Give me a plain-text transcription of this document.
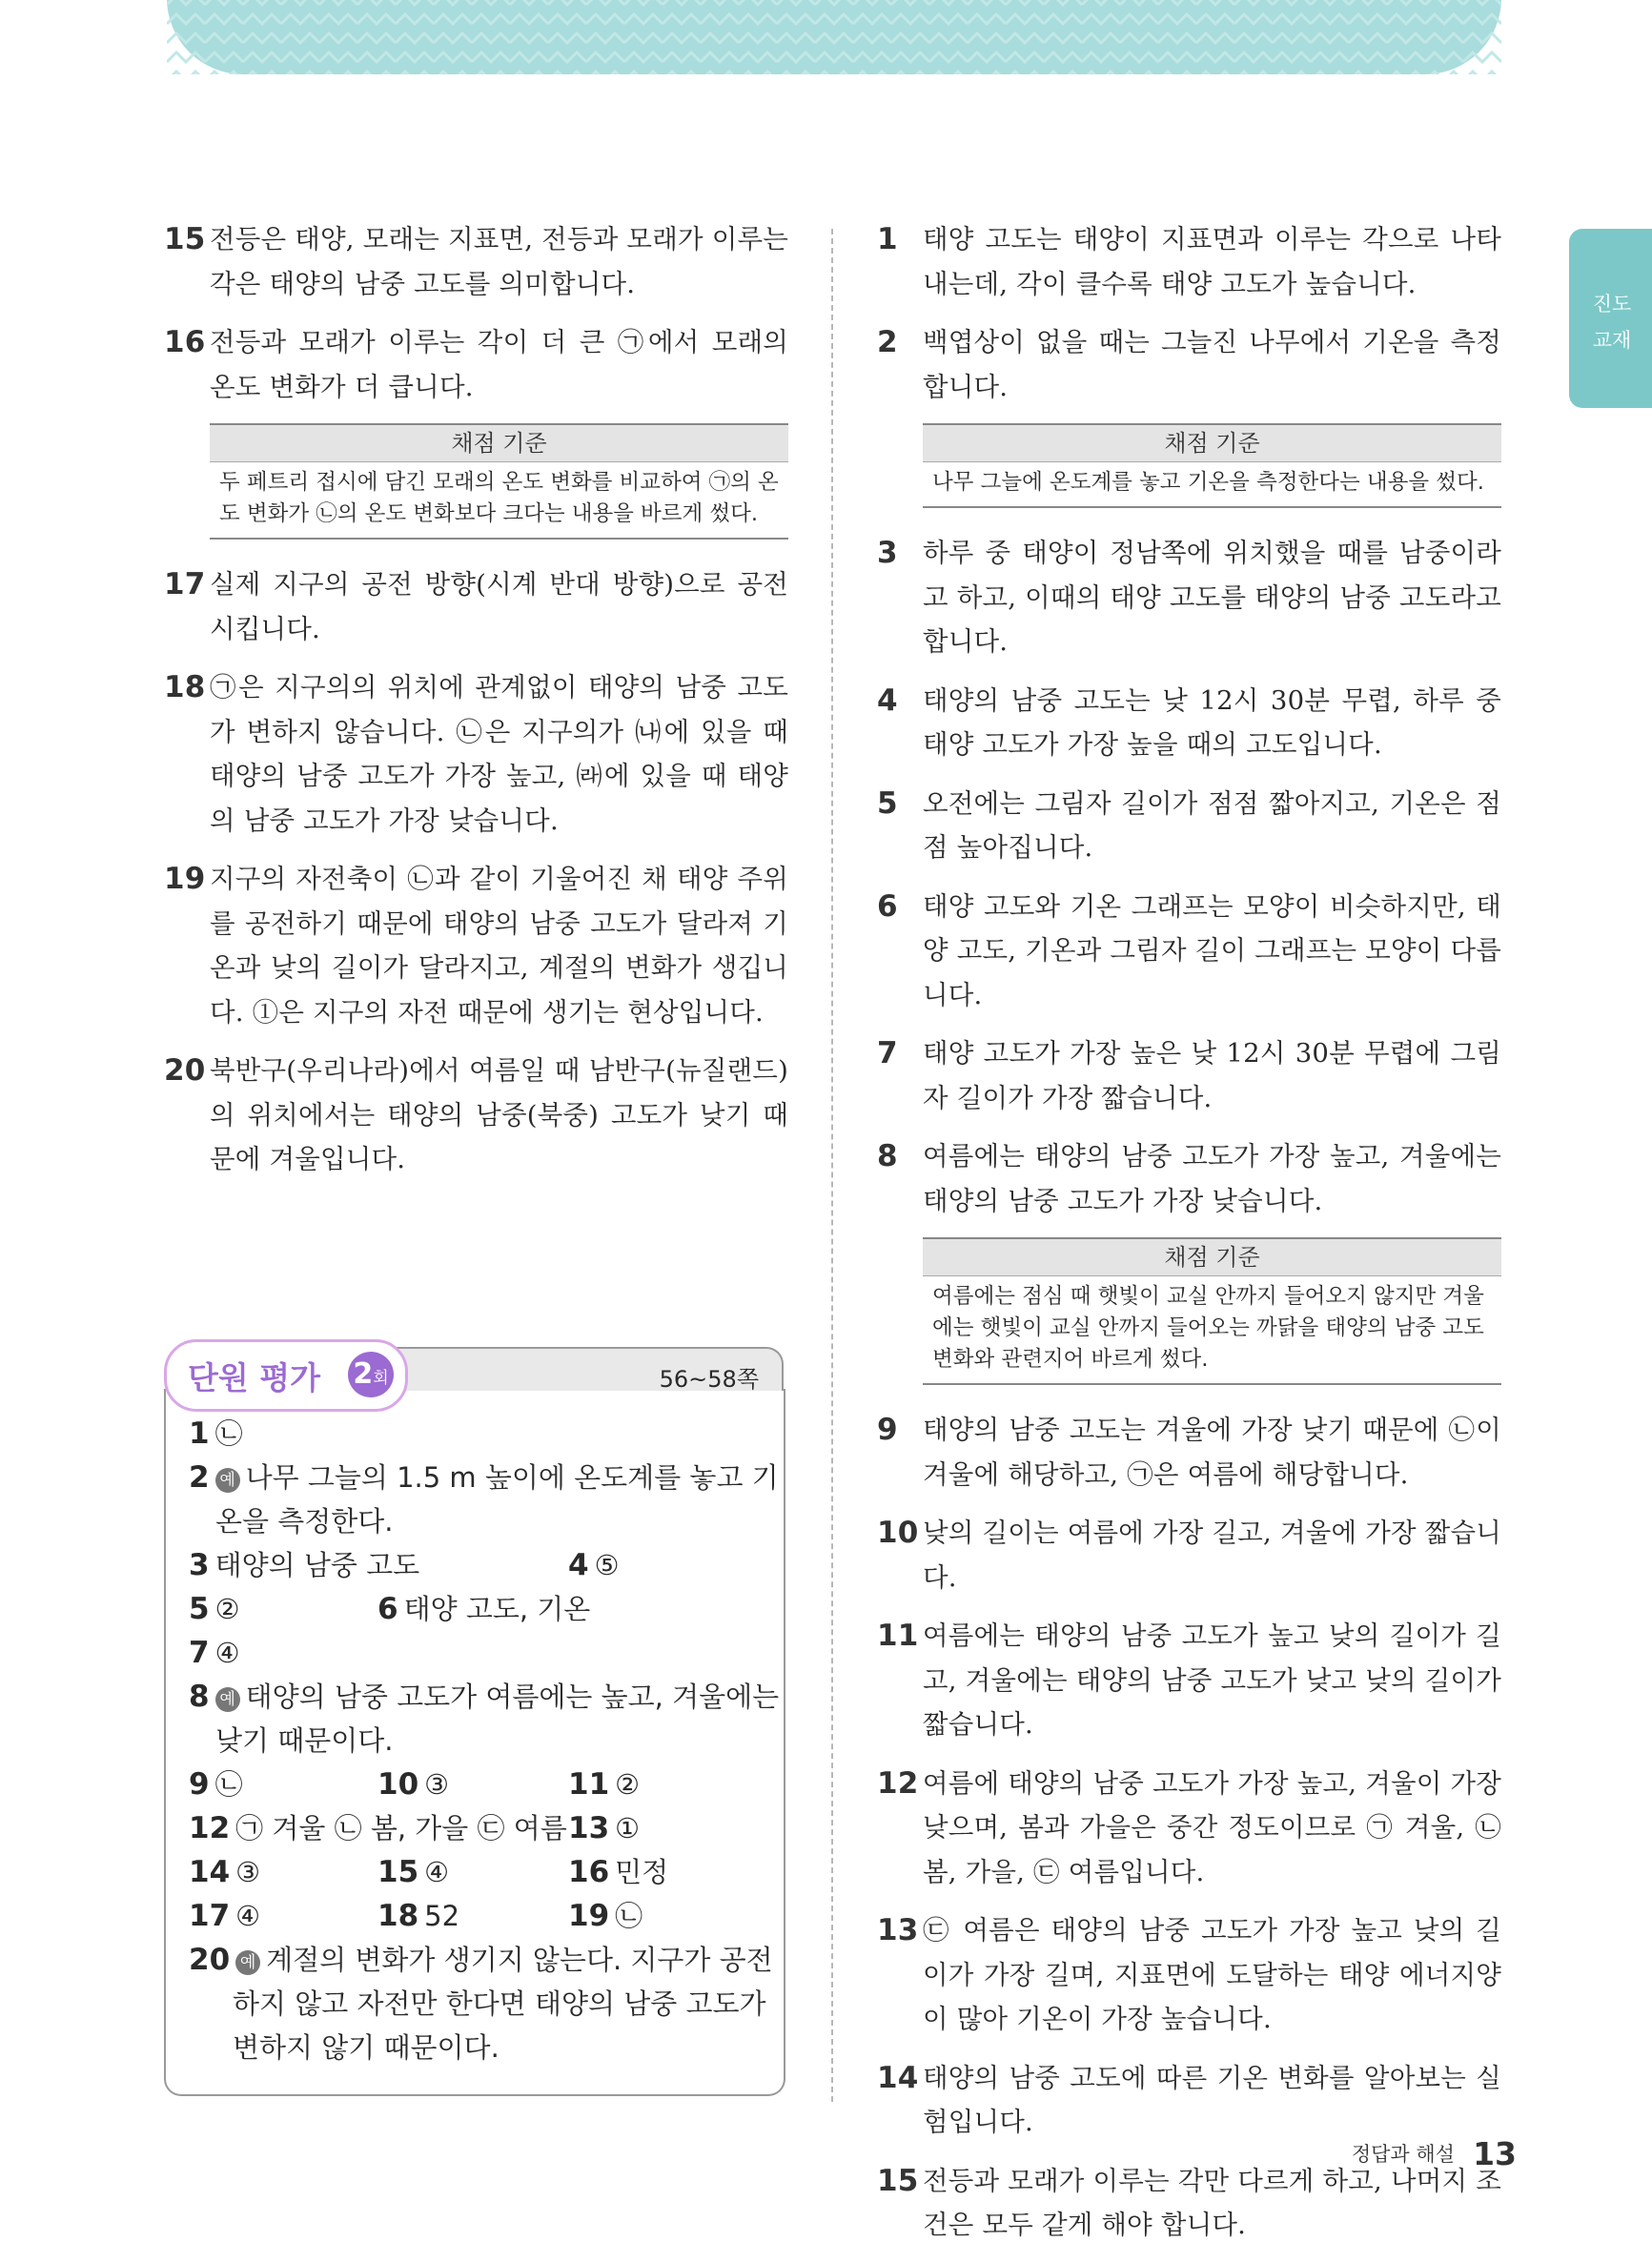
진도
교재
15 전등은 태양, 모래는 지표면, 전등과 모래가 이루는 각은 태양의 남중 고도를 의미합니다.
16 전등과 모래가 이루는 각이 더 큰 ㉠에서 모래의 온도 변화가 더 큽니다.
채점 기준
두 페트리 접시에 담긴 모래의 온도 변화를 비교하여 ㉠의 온도 변화가 ㉡의 온도 변화보다 크다는 내용을 바르게 썼다.
17 실제 지구의 공전 방향(시계 반대 방향)으로 공전시킵니다.
18 ㉠은 지구의의 위치에 관계없이 태양의 남중 고도가 변하지 않습니다. ㉡은 지구의가 ㈏에 있을 때 태양의 남중 고도가 가장 높고, ㈑에 있을 때 태양의 남중 고도가 가장 낮습니다.
19 지구의 자전축이 ㉡과 같이 기울어진 채 태양 주위를 공전하기 때문에 태양의 남중 고도가 달라져 기온과 낮의 길이가 달라지고, 계절의 변화가 생깁니다. ①은 지구의 자전 때문에 생기는 현상입니다.
20 북반구(우리나라)에서 여름일 때 남반구(뉴질랜드)의 위치에서는 태양의 남중(북중) 고도가 낮기 때문에 겨울입니다.
56~58쪽
단원 평가 2회
1 ㉡
2 예 나무 그늘의 1.5 m 높이에 온도계를 놓고 기
온을 측정한다.
3 태양의 남중 고도	4 ⑤
5 ②	6 태양 고도, 기온
7 ④
8 예 태양의 남중 고도가 여름에는 높고, 겨울에는
낮기 때문이다.
9 ㉡	10 ③	11 ②
12 ㉠ 겨울 ㉡ 봄, 가을 ㉢ 여름 13 ①
14 ③	15 ④	16 민정
17 ④	18 52	19 ㉡
20 예 계절의 변화가 생기지 않는다. 지구가 공전
하지 않고 자전만 한다면 태양의 남중 고도가
변하지 않기 때문이다.
1 태양 고도는 태양이 지표면과 이루는 각으로 나타내는데, 각이 클수록 태양 고도가 높습니다.
2 백엽상이 없을 때는 그늘진 나무에서 기온을 측정합니다.
채점 기준
나무 그늘에 온도계를 놓고 기온을 측정한다는 내용을 썼다.
3 하루 중 태양이 정남쪽에 위치했을 때를 남중이라고 하고, 이때의 태양 고도를 태양의 남중 고도라고 합니다.
4 태양의 남중 고도는 낮 12시 30분 무렵, 하루 중 태양 고도가 가장 높을 때의 고도입니다.
5 오전에는 그림자 길이가 점점 짧아지고, 기온은 점점 높아집니다.
6 태양 고도와 기온 그래프는 모양이 비슷하지만, 태양 고도, 기온과 그림자 길이 그래프는 모양이 다릅니다.
7 태양 고도가 가장 높은 낮 12시 30분 무렵에 그림자 길이가 가장 짧습니다.
8 여름에는 태양의 남중 고도가 가장 높고, 겨울에는 태양의 남중 고도가 가장 낮습니다.
채점 기준
여름에는 점심 때 햇빛이 교실 안까지 들어오지 않지만 겨울에는 햇빛이 교실 안까지 들어오는 까닭을 태양의 남중 고도 변화와 관련지어 바르게 썼다.
9 태양의 남중 고도는 겨울에 가장 낮기 때문에 ㉡이 겨울에 해당하고, ㉠은 여름에 해당합니다.
10 낮의 길이는 여름에 가장 길고, 겨울에 가장 짧습니다.
11 여름에는 태양의 남중 고도가 높고 낮의 길이가 길고, 겨울에는 태양의 남중 고도가 낮고 낮의 길이가 짧습니다.
12 여름에 태양의 남중 고도가 가장 높고, 겨울이 가장 낮으며, 봄과 가을은 중간 정도이므로 ㉠ 겨울, ㉡ 봄, 가을, ㉢ 여름입니다.
13 ㉢ 여름은 태양의 남중 고도가 가장 높고 낮의 길이가 가장 길며, 지표면에 도달하는 태양 에너지양이 많아 기온이 가장 높습니다.
14 태양의 남중 고도에 따른 기온 변화를 알아보는 실험입니다.
15 전등과 모래가 이루는 각만 다르게 하고, 나머지 조건은 모두 같게 해야 합니다.
정답과 해설 13
